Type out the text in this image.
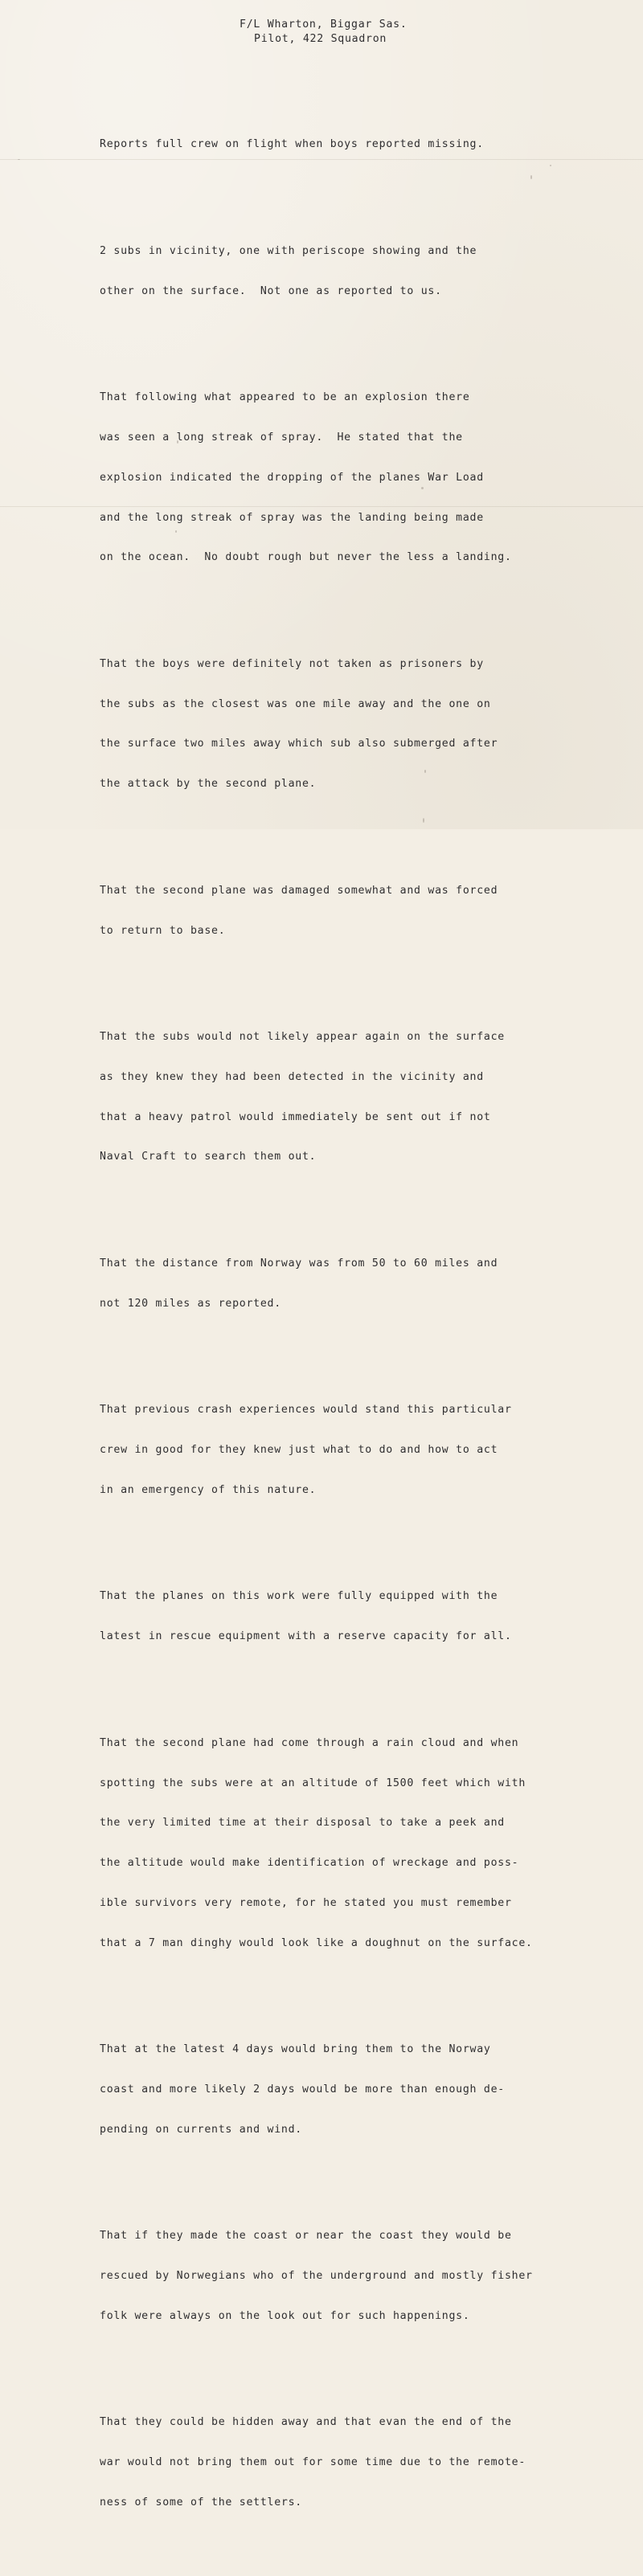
F/L Wharton, Biggar Sas.

Pilot, 422 Squadron

Reports full crew on flight when boys reported missing.

2 subs in vicinity, one with periscope showing and the

other on the surface.  Not one as reported to us.

That following what appeared to be an explosion there

was seen a long streak of spray.  He stated that the

explosion indicated the dropping of the planes War Load

and the long streak of spray was the landing being made

on the ocean.  No doubt rough but never the less a landing.

That the boys were definitely not taken as prisoners by

the subs as the closest was one mile away and the one on

the surface two miles away which sub also submerged after

the attack by the second plane.

That the second plane was damaged somewhat and was forced

to return to base.

That the subs would not likely appear again on the surface

as they knew they had been detected in the vicinity and

that a heavy patrol would immediately be sent out if not

Naval Craft to search them out.

That the distance from Norway was from 50 to 60 miles and

not 120 miles as reported.

That previous crash experiences would stand this particular

crew in good for they knew just what to do and how to act

in an emergency of this nature.

That the planes on this work were fully equipped with the

latest in rescue equipment with a reserve capacity for all.

That the second plane had come through a rain cloud and when

spotting the subs were at an altitude of 1500 feet which with

the very limited time at their disposal to take a peek and

the altitude would make identification of wreckage and poss-

ible survivors very remote, for he stated you must remember

that a 7 man dinghy would look like a doughnut on the surface.

That at the latest 4 days would bring them to the Norway

coast and more likely 2 days would be more than enough de-

pending on currents and wind.

That if they made the coast or near the coast they would be

rescued by Norwegians who of the underground and mostly fisher

folk were always on the look out for such happenings.

That they could be hidden away and that evan the end of the

war would not bring them out for some time due to the remote-

ness of some of the settlers.
